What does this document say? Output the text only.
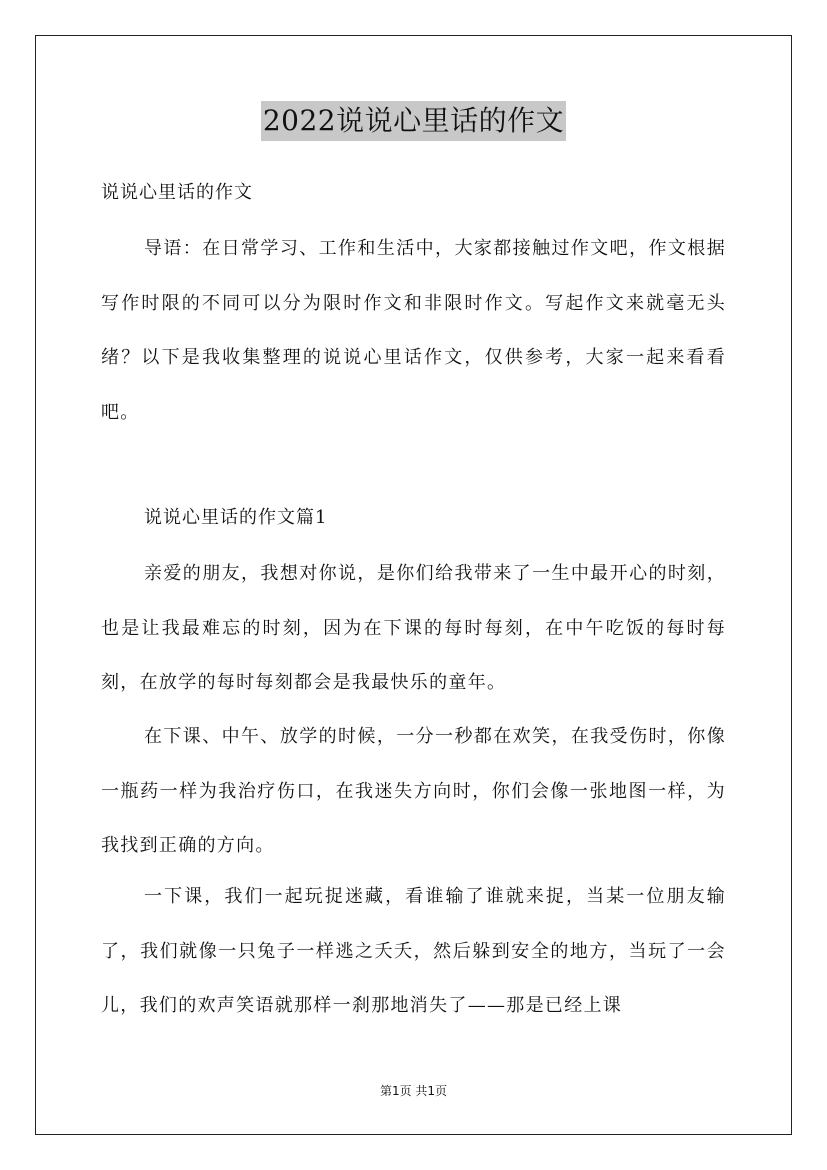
2022说说心里话的作文
说说心里话的作文

导语：在日常学习、工作和生活中，大家都接触过作文吧，作文根据写作时限的不同可以分为限时作文和非限时作文。写起作文来就毫无头绪？以下是我收集整理的说说心里话作文，仅供参考，大家一起来看看吧。

说说心里话的作文篇1

亲爱的朋友，我想对你说，是你们给我带来了一生中最开心的时刻，也是让我最难忘的时刻，因为在下课的每时每刻，在中午吃饭的每时每刻，在放学的每时每刻都会是我最快乐的童年。

在下课、中午、放学的时候，一分一秒都在欢笑，在我受伤时，你像一瓶药一样为我治疗伤口，在我迷失方向时，你们会像一张地图一样，为我找到正确的方向。

一下课，我们一起玩捉迷藏，看谁输了谁就来捉，当某一位朋友输了，我们就像一只兔子一样逃之夭夭，然后躲到安全的地方，当玩了一会儿，我们的欢声笑语就那样一刹那地消失了——那是已经上课

第1页 共1页
